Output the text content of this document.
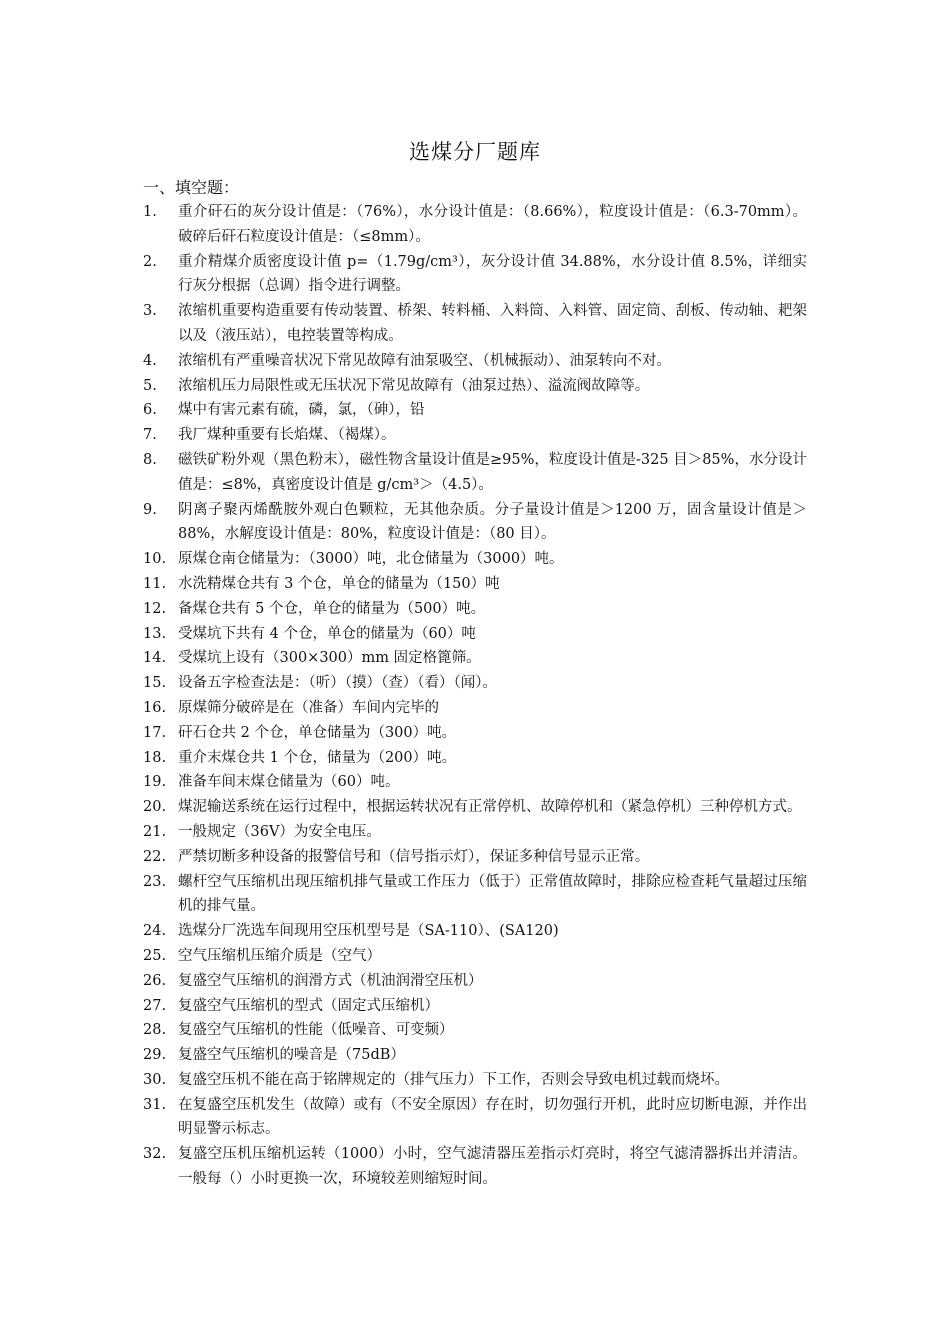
选煤分厂题库
一、填空题：
1.	重介矸石的灰分设计值是：（76%），水分设计值是：（8.66%），粒度设计值是：（6.3-70mm）。破碎后矸石粒度设计值是：（≤8mm）。
2.	重介精煤介质密度设计值 p=（1.79g/cm³），灰分设计值 34.88%，水分设计值 8.5%，详细实行灰分根据（总调）指令进行调整。
3.	浓缩机重要构造重要有传动装置、桥架、转料桶、入料筒、入料管、固定筒、刮板、传动轴、耙架以及（液压站），电控装置等构成。
4.	浓缩机有严重噪音状况下常见故障有油泵吸空、（机械振动）、油泵转向不对。
5.	浓缩机压力局限性或无压状况下常见故障有（油泵过热）、溢流阀故障等。
6.	煤中有害元素有硫，磷，氯，（砷），铅
7.	我厂煤种重要有长焰煤、（褐煤）。
8.	磁铁矿粉外观（黑色粉末），磁性物含量设计值是≥95%，粒度设计值是-325 目＞85%，水分设计值是：≤8%，真密度设计值是 g/cm³＞（4.5）。
9.	阴离子聚丙烯酰胺外观白色颗粒，无其他杂质。分子量设计值是＞1200 万，固含量设计值是＞88%，水解度设计值是：80%，粒度设计值是：（80 目）。
10. 原煤仓南仓储量为：（3000）吨，北仓储量为（3000）吨。
11. 水洗精煤仓共有 3 个仓，单仓的储量为（150）吨
12. 备煤仓共有 5 个仓，单仓的储量为（500）吨。
13. 受煤坑下共有 4 个仓，单仓的储量为（60）吨
14. 受煤坑上设有（300×300）mm 固定格篦筛。
15. 设备五字检查法是：（听）（摸）（查）（看）（闻）。
16. 原煤筛分破碎是在（准备）车间内完毕的
17. 矸石仓共 2 个仓，单仓储量为（300）吨。
18. 重介末煤仓共 1 个仓，储量为（200）吨。
19. 准备车间末煤仓储量为（60）吨。
20. 煤泥输送系统在运行过程中，根据运转状况有正常停机、故障停机和（紧急停机）三种停机方式。
21. 一般规定（36V）为安全电压。
22. 严禁切断多种设备的报警信号和（信号指示灯），保证多种信号显示正常。
23. 螺杆空气压缩机出现压缩机排气量或工作压力（低于）正常值故障时，排除应检查耗气量超过压缩机的排气量。
24. 选煤分厂洗选车间现用空压机型号是（SA-110）、(SA120)
25. 空气压缩机压缩介质是（空气）
26. 复盛空气压缩机的润滑方式（机油润滑空压机）
27. 复盛空气压缩机的型式（固定式压缩机）
28. 复盛空气压缩机的性能（低噪音、可变频）
29. 复盛空气压缩机的噪音是（75dB）
30. 复盛空压机不能在高于铭牌规定的（排气压力）下工作，否则会导致电机过载而烧坏。
31. 在复盛空压机发生（故障）或有（不安全原因）存在时，切勿强行开机，此时应切断电源，并作出明显警示标志。
32. 复盛空压机压缩机运转（1000）小时，空气滤清器压差指示灯亮时，将空气滤清器拆出并清洁。一般每（）小时更换一次，环境较差则缩短时间。
